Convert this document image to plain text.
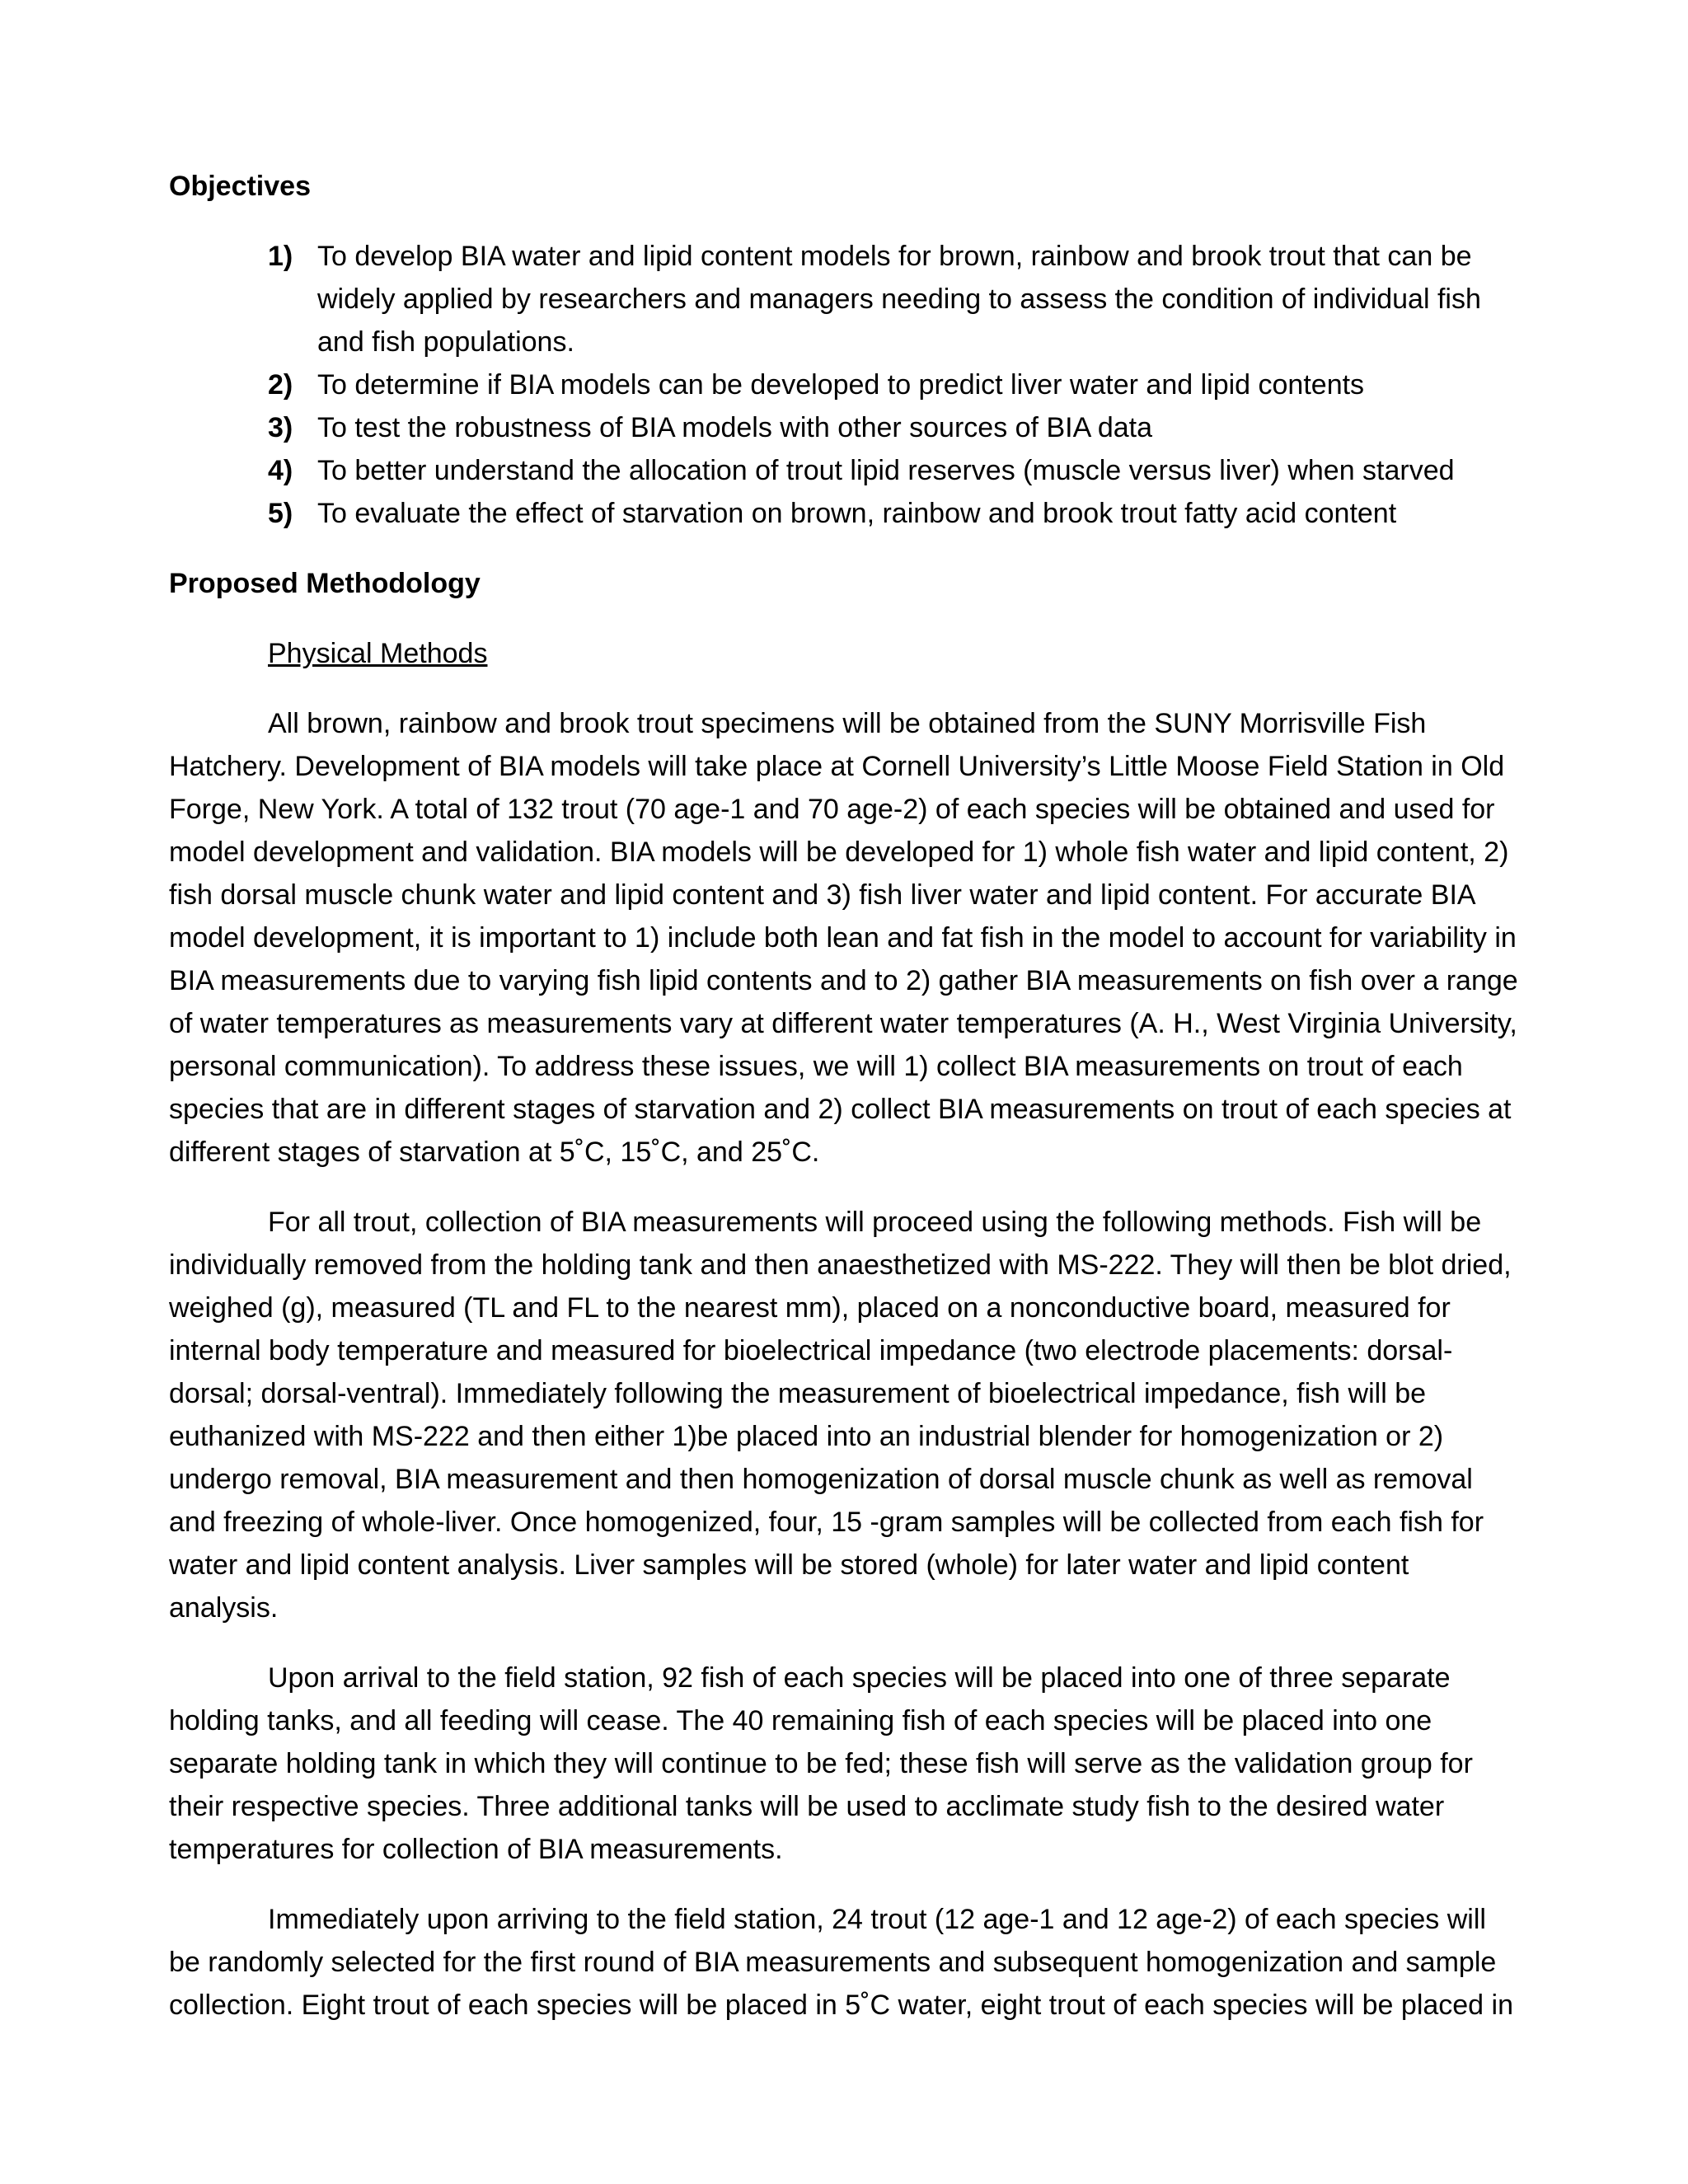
Objectives

1) To develop BIA water and lipid content models for brown, rainbow and brook trout that can be widely applied by researchers and managers needing to assess the condition of individual fish and fish populations.
2) To determine if BIA models can be developed to predict liver water and lipid contents
3) To test the robustness of BIA models with other sources of BIA data
4) To better understand the allocation of trout lipid reserves (muscle versus liver) when starved
5) To evaluate the effect of starvation on brown, rainbow and brook trout fatty acid content

Proposed Methodology

Physical Methods

All brown, rainbow and brook trout specimens will be obtained from the SUNY Morrisville Fish Hatchery. Development of BIA models will take place at Cornell University’s Little Moose Field Station in Old Forge, New York. A total of 132 trout (70 age-1 and 70 age-2) of each species will be obtained and used for model development and validation. BIA models will be developed for 1) whole fish water and lipid content, 2) fish dorsal muscle chunk water and lipid content and 3) fish liver water and lipid content. For accurate BIA model development, it is important to 1) include both lean and fat fish in the model to account for variability in BIA measurements due to varying fish lipid contents and to 2) gather BIA measurements on fish over a range of water temperatures as measurements vary at different water temperatures (A. H., West Virginia University, personal communication). To address these issues, we will 1) collect BIA measurements on trout of each species that are in different stages of starvation and 2) collect BIA measurements on trout of each species at different stages of starvation at 5˚C, 15˚C, and 25˚C.

For all trout, collection of BIA measurements will proceed using the following methods. Fish will be individually removed from the holding tank and then anaesthetized with MS-222. They will then be blot dried, weighed (g), measured (TL and FL to the nearest mm), placed on a nonconductive board, measured for internal body temperature and measured for bioelectrical impedance (two electrode placements: dorsal-dorsal; dorsal-ventral). Immediately following the measurement of bioelectrical impedance, fish will be euthanized with MS-222 and then either 1)be placed into an industrial blender for homogenization or 2) undergo removal, BIA measurement and then homogenization of dorsal muscle chunk as well as removal and freezing of whole-liver. Once homogenized, four, 15 -gram samples will be collected from each fish for water and lipid content analysis. Liver samples will be stored (whole) for later water and lipid content analysis.

Upon arrival to the field station, 92 fish of each species will be placed into one of three separate holding tanks, and all feeding will cease. The 40 remaining fish of each species will be placed into one separate holding tank in which they will continue to be fed; these fish will serve as the validation group for their respective species. Three additional tanks will be used to acclimate study fish to the desired water temperatures for collection of BIA measurements.

Immediately upon arriving to the field station, 24 trout (12 age-1 and 12 age-2) of each species will be randomly selected for the first round of BIA measurements and subsequent homogenization and sample collection. Eight trout of each species will be placed in 5˚C water, eight trout of each species will be placed in
